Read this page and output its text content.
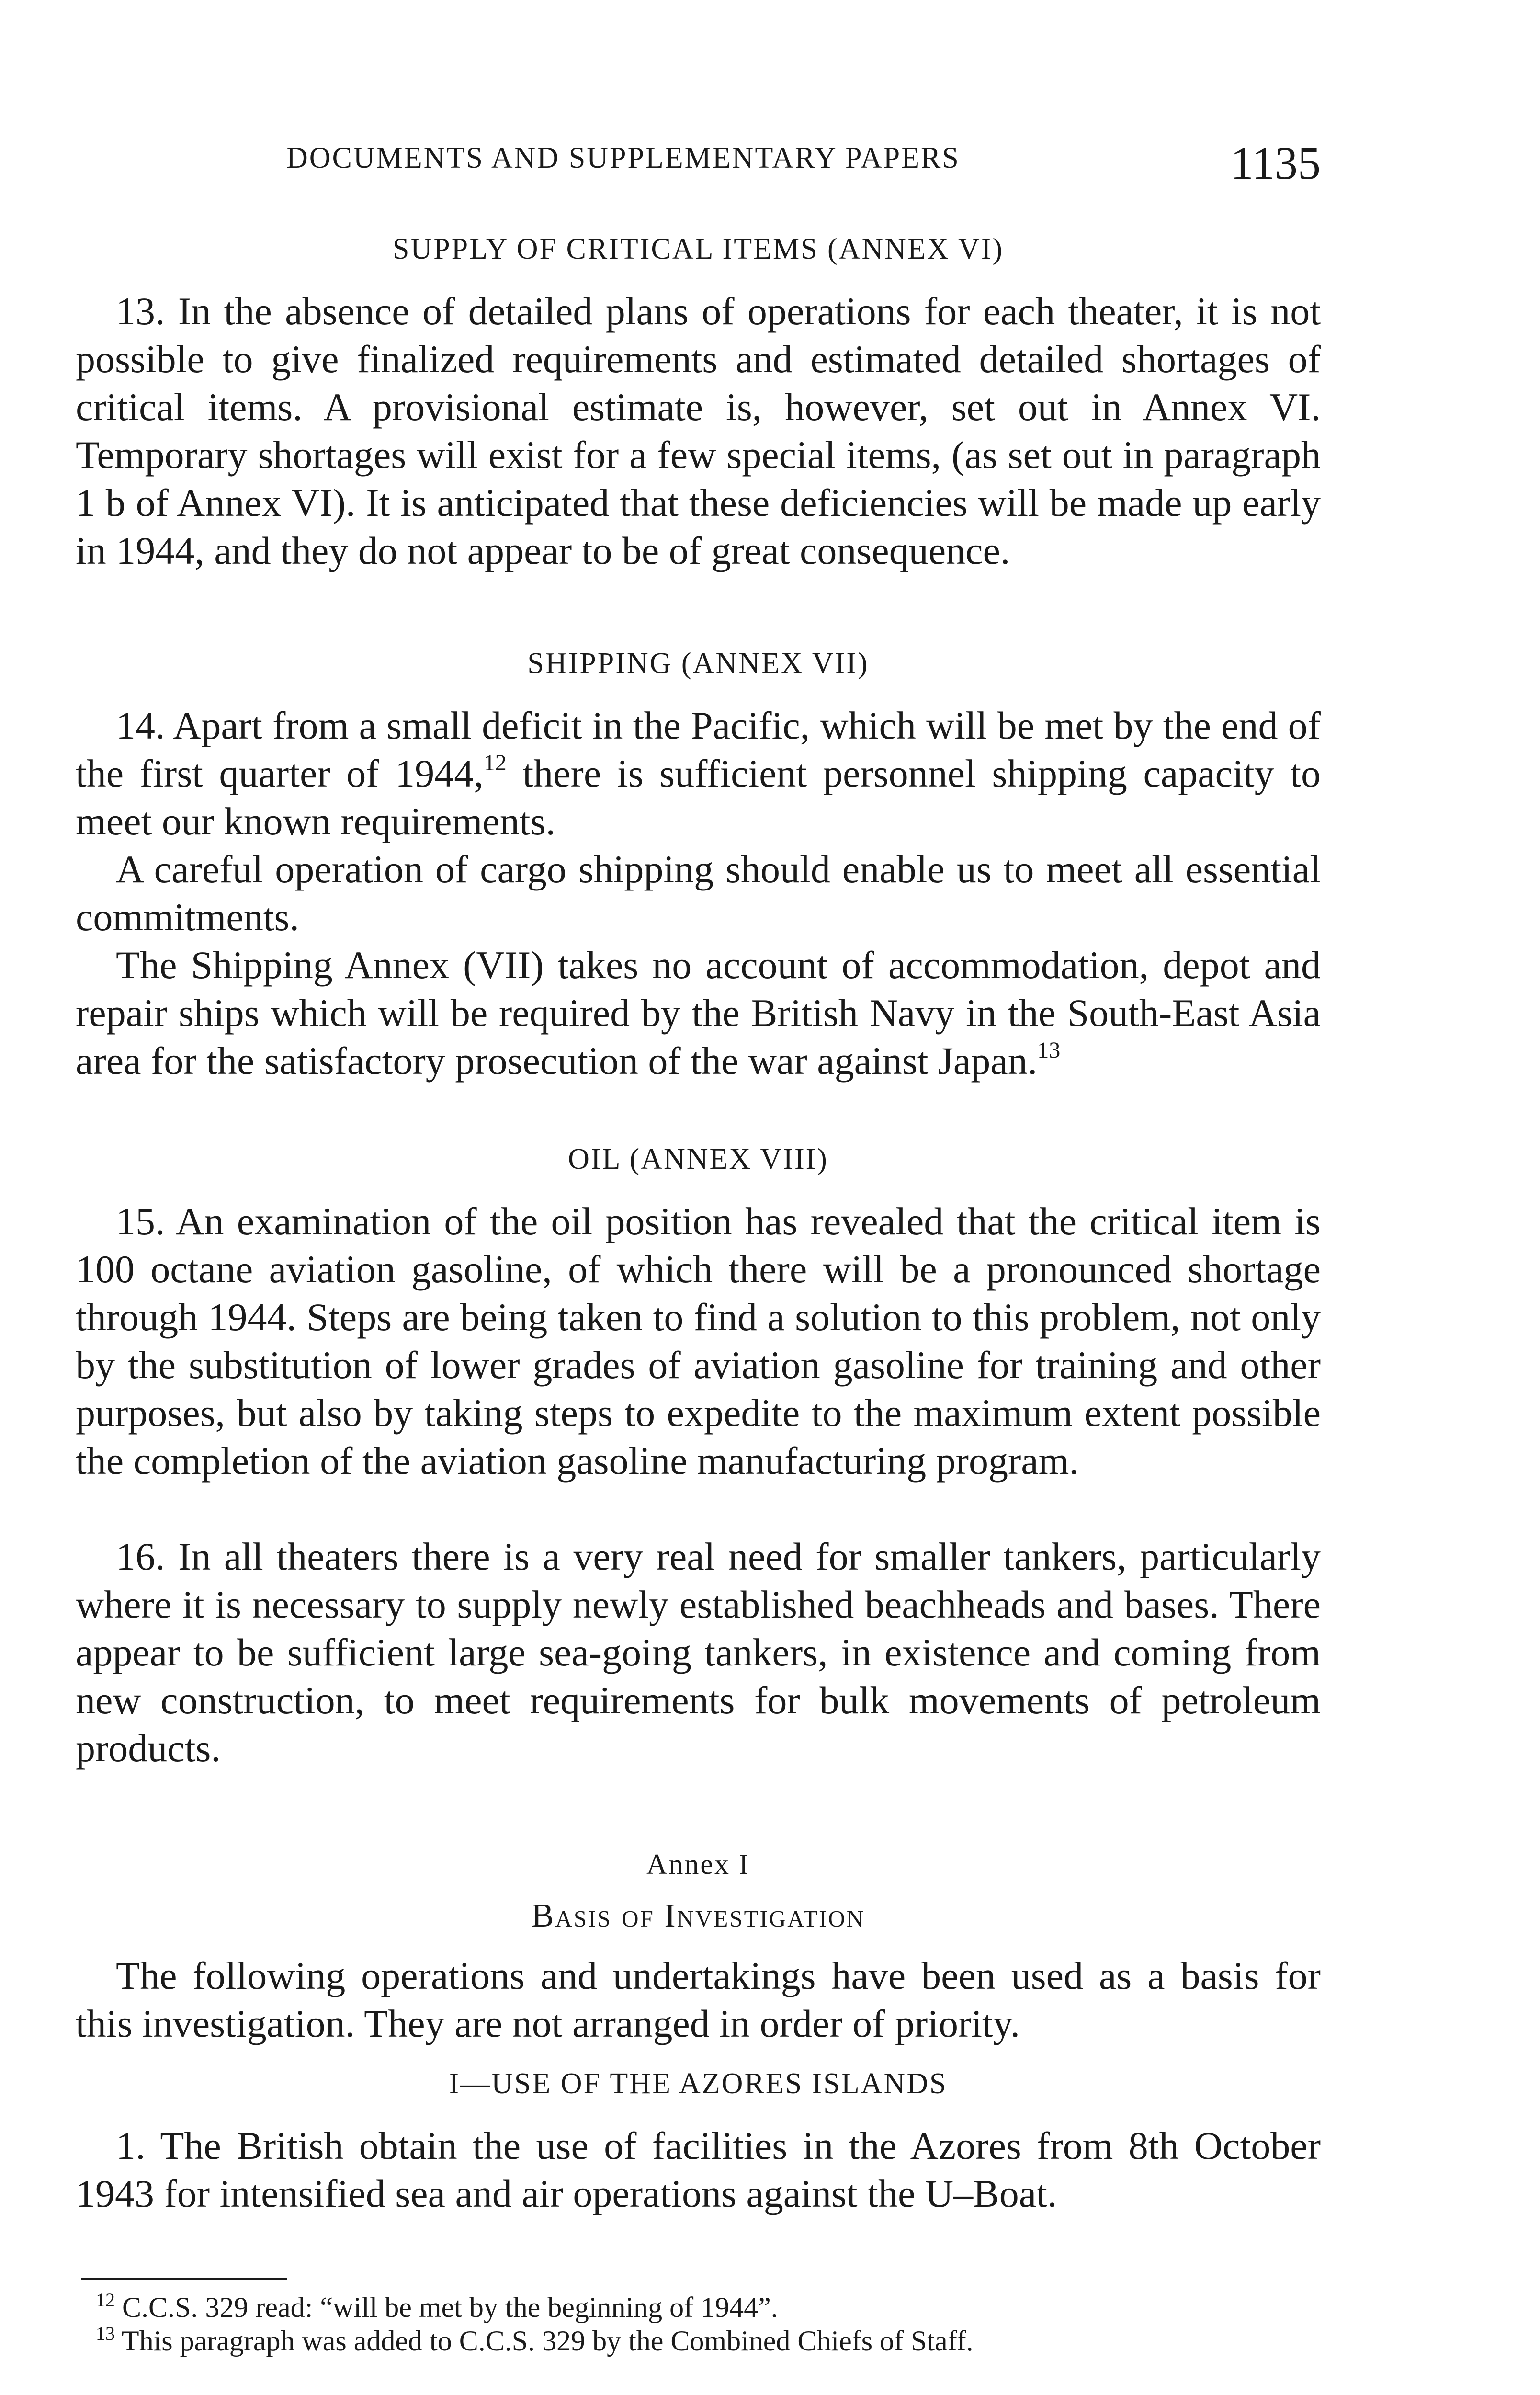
DOCUMENTS AND SUPPLEMENTARY PAPERS	1135
SUPPLY OF CRITICAL ITEMS (ANNEX VI)

13. In the absence of detailed plans of operations for each theater, it is not possible to give finalized requirements and estimated detailed shortages of critical items. A provisional estimate is, however, set out in Annex VI. Temporary shortages will exist for a few special items, (as set out in paragraph 1 b of Annex VI). It is anticipated that these deficiencies will be made up early in 1944, and they do not appear to be of great consequence.

SHIPPING (ANNEX VII)

14. Apart from a small deficit in the Pacific, which will be met by the end of the first quarter of 1944,12 there is sufficient personnel shipping capacity to meet our known requirements.

A careful operation of cargo shipping should enable us to meet all essential commitments.

The Shipping Annex (VII) takes no account of accommodation, depot and repair ships which will be required by the British Navy in the South-East Asia area for the satisfactory prosecution of the war against Japan.$^{13}$

OIL (ANNEX VIII)

15. An examination of the oil position has revealed that the critical item is 100 octane aviation gasoline, of which there will be a pronounced shortage through 1944. Steps are being taken to find a solution to this problem, not only by the substitution of lower grades of aviation gasoline for training and other purposes, but also by taking steps to expedite to the maximum extent possible the completion of the aviation gasoline manufacturing program.

16. In all theaters there is a very real need for smaller tankers, particularly where it is necessary to supply newly established beachheads and bases. There appear to be sufficient large sea-going tankers, in existence and coming from new construction, to meet requirements for bulk movements of petroleum products.

Annex I
Basis of Investigation

The following operations and undertakings have been used as a basis for this investigation. They are not arranged in order of priority.

I—USE OF THE AZORES ISLANDS

1. The British obtain the use of facilities in the Azores from 8th October 1943 for intensified sea and air operations against the U–Boat.

$^{12}$ C.C.S. 329 read: “will be met by the beginning of 1944”.
$^{13}$ This paragraph was added to C.C.S. 329 by the Combined Chiefs of Staff.
